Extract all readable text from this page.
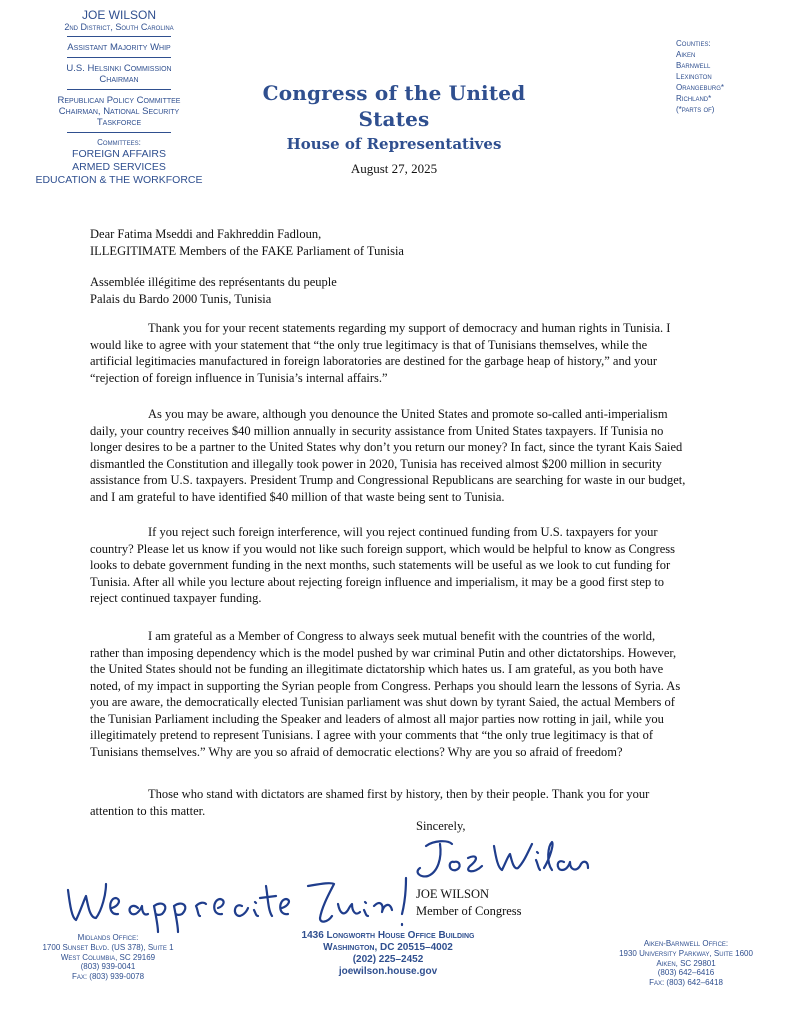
JOE WILSON
2nd District, South Carolina
Assistant Majority Whip
U.S. Helsinki Commission
Chairman
Republican Policy Committee
Chairman, National Security
Taskforce
Committees:
FOREIGN AFFAIRS
ARMED SERVICES
EDUCATION & THE WORKFORCE
Congress of the United States
House of Representatives
August 27, 2025
Counties:
Aiken
Barnwell
Lexington
Orangeburg*
Richland*
(*parts of)
Dear Fatima Mseddi and Fakhreddin Fadloun,
ILLEGITIMATE Members of the FAKE Parliament of Tunisia
Assemblée illégitime des représentants du peuple
Palais du Bardo 2000 Tunis, Tunisia
Thank you for your recent statements regarding my support of democracy and human rights in Tunisia. I would like to agree with your statement that “the only true legitimacy is that of Tunisians themselves, while the artificial legitimacies manufactured in foreign laboratories are destined for the garbage heap of history,” and your “rejection of foreign influence in Tunisia’s internal affairs.”
As you may be aware, although you denounce the United States and promote so-called anti-imperialism daily, your country receives $40 million annually in security assistance from United States taxpayers. If Tunisia no longer desires to be a partner to the United States why don’t you return our money? In fact, since the tyrant Kais Saied dismantled the Constitution and illegally took power in 2020, Tunisia has received almost $200 million in security assistance from U.S. taxpayers. President Trump and Congressional Republicans are searching for waste in our budget, and I am grateful to have identified $40 million of that waste being sent to Tunisia.
If you reject such foreign interference, will you reject continued funding from U.S. taxpayers for your country? Please let us know if you would not like such foreign support, which would be helpful to know as Congress looks to debate government funding in the next months, such statements will be useful as we look to cut funding for Tunisia. After all while you lecture about rejecting foreign influence and imperialism, it may be a good first step to reject continued taxpayer funding.
I am grateful as a Member of Congress to always seek mutual benefit with the countries of the world, rather than imposing dependency which is the model pushed by war criminal Putin and other dictatorships. However, the United States should not be funding an illegitimate dictatorship which hates us. I am grateful, as you both have noted, of my impact in supporting the Syrian people from Congress. Perhaps you should learn the lessons of Syria. As you are aware, the democratically elected Tunisian parliament was shut down by tyrant Saied, the actual Members of the Tunisian Parliament including the Speaker and leaders of almost all major parties now rotting in jail, while you illegitimately pretend to represent Tunisians. I agree with your comments that “the only true legitimacy is that of Tunisians themselves.” Why are you so afraid of democratic elections? Why are you so afraid of freedom?
Those who stand with dictators are shamed first by history, then by their people. Thank you for your attention to this matter.
Sincerely,
JOE WILSON
Member of Congress
Midlands Office:
1700 Sunset Blvd. (US 378), Suite 1
West Columbia, SC 29169
(803) 939-0041
Fax: (803) 939-0078
1436 Longworth House Office Building
Washington, DC 20515–4002
(202) 225–2452
joewilson.house.gov
Aiken-Barnwell Office:
1930 University Parkway, Suite 1600
Aiken, SC 29801
(803) 642–6416
Fax: (803) 642–6418
